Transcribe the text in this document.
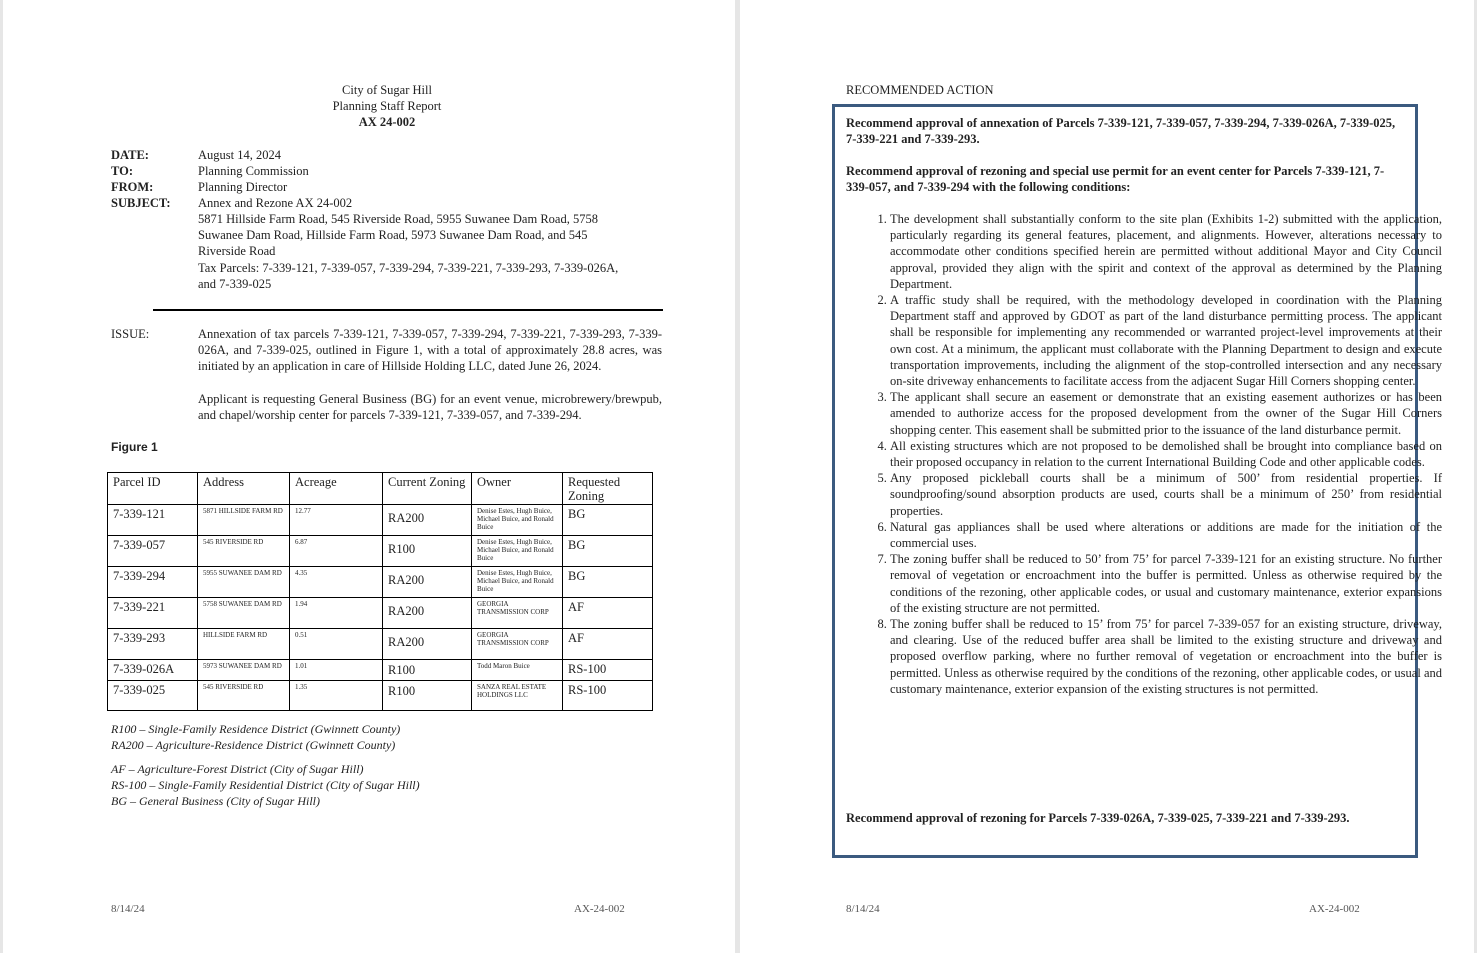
City of Sugar Hill
Planning Staff Report
AX 24-002
DATE:	August 14, 2024
TO:	Planning Commission
FROM:	Planning Director
SUBJECT: Annex and Rezone AX 24-002
5871 Hillside Farm Road, 545 Riverside Road, 5955 Suwanee Dam Road, 5758
Suwanee Dam Road, Hillside Farm Road, 5973 Suwanee Dam Road, and 545
Riverside Road
Tax Parcels: 7-339-121, 7-339-057, 7-339-294, 7-339-221, 7-339-293, 7-339-026A,
and 7-339-025
ISSUE:	Annexation of tax parcels 7-339-121, 7-339-057, 7-339-294, 7-339-221, 7-339-293, 7-339-026A, and 7-339-025, outlined in Figure 1, with a total of approximately 28.8 acres, was initiated by an application in care of Hillside Holding LLC, dated June 26, 2024.
Applicant is requesting General Business (BG) for an event venue, microbrewery/brewpub, and chapel/worship center for parcels 7-339-121, 7-339-057, and 7-339-294.
Figure 1
Parcel ID	Address	Acreage	Current Zoning	Owner	Requested Zoning
7-339-121	5871 HILLSIDE FARM RD	12.77	RA200	Denise Estes, Hugh Buice, Michael Buice, and Ronald Buice	BG
7-339-057	545 RIVERSIDE RD	6.87	R100	Denise Estes, Hugh Buice, Michael Buice, and Ronald Buice	BG
7-339-294	5955 SUWANEE DAM RD	4.35	RA200	Denise Estes, Hugh Buice, Michael Buice, and Ronald Buice	BG
7-339-221	5758 SUWANEE DAM RD	1.94	RA200	GEORGIA TRANSMISSION CORP	AF
7-339-293	HILLSIDE FARM RD	0.51	RA200	GEORGIA TRANSMISSION CORP	AF
7-339-026A	5973 SUWANEE DAM RD	1.01	R100	Todd Maron Buice	RS-100
7-339-025	545 RIVERSIDE RD	1.35	R100	SANZA REAL ESTATE HOLDINGS LLC	RS-100
R100 – Single-Family Residence District (Gwinnett County)
RA200 – Agriculture-Residence District (Gwinnett County)
AF – Agriculture-Forest District (City of Sugar Hill)
RS-100 – Single-Family Residential District (City of Sugar Hill)
BG – General Business (City of Sugar Hill)
8/14/24	AX-24-002
RECOMMENDED ACTION
Recommend approval of annexation of Parcels 7-339-121, 7-339-057, 7-339-294, 7-339-026A, 7-339-025, 7-339-221 and 7-339-293.
Recommend approval of rezoning and special use permit for an event center for Parcels 7-339-121, 7-339-057, and 7-339-294 with the following conditions:
1. The development shall substantially conform to the site plan (Exhibits 1-2) submitted with the application, particularly regarding its general features, placement, and alignments. However, alterations necessary to accommodate other conditions specified herein are permitted without additional Mayor and City Council approval, provided they align with the spirit and context of the approval as determined by the Planning Department.
2. A traffic study shall be required, with the methodology developed in coordination with the Planning Department staff and approved by GDOT as part of the land disturbance permitting process. The applicant shall be responsible for implementing any recommended or warranted project-level improvements at their own cost. At a minimum, the applicant must collaborate with the Planning Department to design and execute transportation improvements, including the alignment of the stop-controlled intersection and any necessary on-site driveway enhancements to facilitate access from the adjacent Sugar Hill Corners shopping center.
3. The applicant shall secure an easement or demonstrate that an existing easement authorizes or has been amended to authorize access for the proposed development from the owner of the Sugar Hill Corners shopping center. This easement shall be submitted prior to the issuance of the land disturbance permit.
4. All existing structures which are not proposed to be demolished shall be brought into compliance based on their proposed occupancy in relation to the current International Building Code and other applicable codes.
5. Any proposed pickleball courts shall be a minimum of 500’ from residential properties. If soundproofing/sound absorption products are used, courts shall be a minimum of 250’ from residential properties.
6. Natural gas appliances shall be used where alterations or additions are made for the initiation of the commercial uses.
7. The zoning buffer shall be reduced to 50’ from 75’ for parcel 7-339-121 for an existing structure. No further removal of vegetation or encroachment into the buffer is permitted. Unless as otherwise required by the conditions of the rezoning, other applicable codes, or usual and customary maintenance, exterior expansions of the existing structure are not permitted.
8. The zoning buffer shall be reduced to 15’ from 75’ for parcel 7-339-057 for an existing structure, driveway, and clearing. Use of the reduced buffer area shall be limited to the existing structure and driveway and proposed overflow parking, where no further removal of vegetation or encroachment into the buffer is permitted. Unless as otherwise required by the conditions of the rezoning, other applicable codes, or usual and customary maintenance, exterior expansion of the existing structures is not permitted.
Recommend approval of rezoning for Parcels 7-339-026A, 7-339-025, 7-339-221 and 7-339-293.
8/14/24	AX-24-002
